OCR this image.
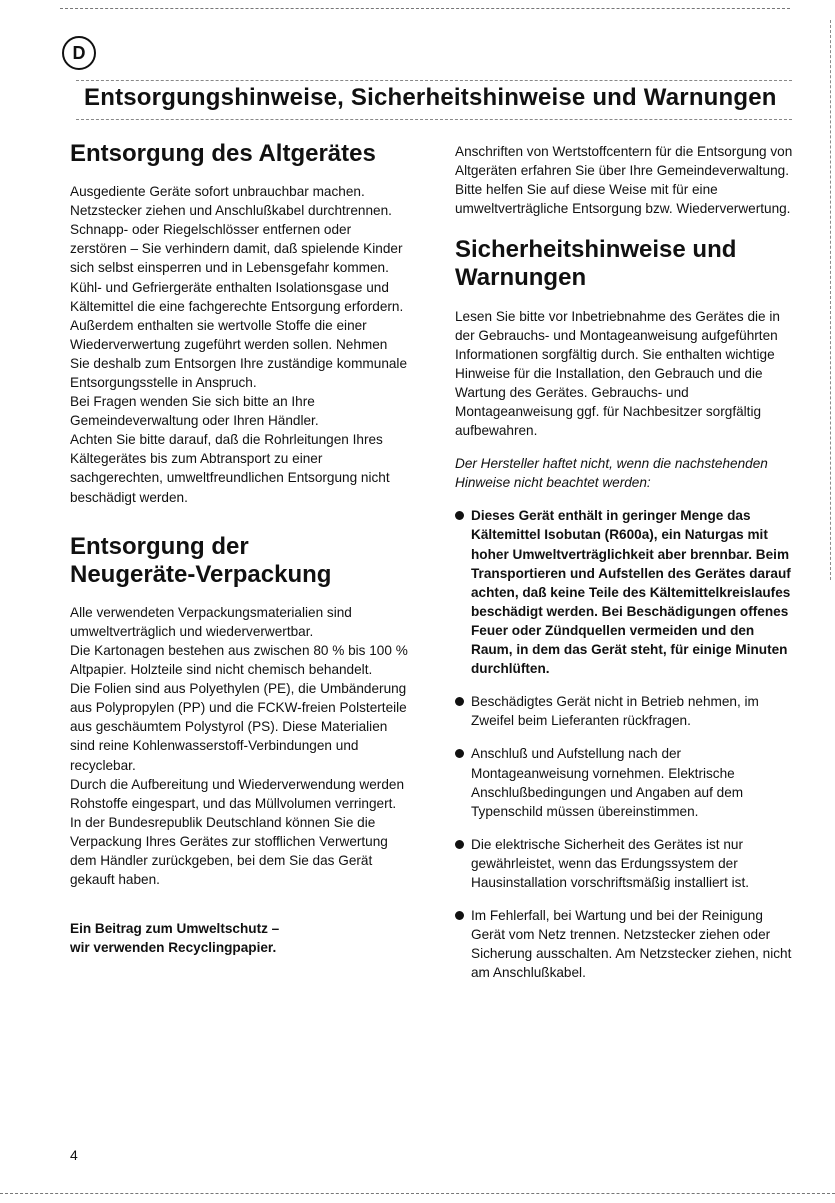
D
Entsorgungshinweise, Sicherheitshinweise und Warnungen
Entsorgung des Altgerätes

Ausgediente Geräte sofort unbrauchbar machen. Netzstecker ziehen und Anschlußkabel durchtrennen. Schnapp- oder Riegelschlösser entfernen oder zerstören – Sie verhindern damit, daß spielende Kinder sich selbst einsperren und in Lebensgefahr kommen. Kühl- und Gefriergeräte enthalten Isolationsgase und Kältemittel die eine fachgerechte Entsorgung erfordern. Außerdem enthalten sie wertvolle Stoffe die einer Wiederverwertung zugeführt werden sollen. Nehmen Sie deshalb zum Entsorgen Ihre zuständige kommunale Entsorgungsstelle in Anspruch.

Bei Fragen wenden Sie sich bitte an Ihre Gemeindeverwaltung oder Ihren Händler.

Achten Sie bitte darauf, daß die Rohrleitungen Ihres Kältegerätes bis zum Abtransport zu einer sachgerechten, umweltfreundlichen Entsorgung nicht beschädigt werden.

Entsorgung der
Neugeräte-Verpackung

Alle verwendeten Verpackungsmaterialien sind umweltverträglich und wiederverwertbar.

Die Kartonagen bestehen aus zwischen 80 % bis 100 % Altpapier. Holzteile sind nicht chemisch behandelt.

Die Folien sind aus Polyethylen (PE), die Umbänderung aus Polypropylen (PP) und die FCKW-freien Polsterteile aus geschäumtem Polystyrol (PS). Diese Materialien sind reine Kohlenwasserstoff-Verbindungen und recyclebar.

Durch die Aufbereitung und Wiederverwendung werden Rohstoffe eingespart, und das Müllvolumen verringert.

In der Bundesrepublik Deutschland können Sie die Verpackung Ihres Gerätes zur stofflichen Verwertung dem Händler zurückgeben, bei dem Sie das Gerät gekauft haben.

Ein Beitrag zum Umweltschutz –
wir verwenden Recyclingpapier.

Anschriften von Wertstoffcentern für die Entsorgung von Altgeräten erfahren Sie über Ihre Gemeindeverwaltung. Bitte helfen Sie auf diese Weise mit für eine umweltverträgliche Entsorgung bzw. Wiederverwertung.

Sicherheitshinweise und
Warnungen

Lesen Sie bitte vor Inbetriebnahme des Gerätes die in der Gebrauchs- und Montageanweisung aufgeführten Informationen sorgfältig durch. Sie enthalten wichtige Hinweise für die Installation, den Gebrauch und die Wartung des Gerätes. Gebrauchs- und Montageanweisung ggf. für Nachbesitzer sorgfältig aufbewahren.

Der Hersteller haftet nicht, wenn die nachstehenden Hinweise nicht beachtet werden:

Dieses Gerät enthält in geringer Menge das Kältemittel Isobutan (R600a), ein Naturgas mit hoher Umweltverträglichkeit aber brennbar. Beim Transportieren und Aufstellen des Gerätes darauf achten, daß keine Teile des Kältemittelkreislaufes beschädigt werden. Bei Beschädigungen offenes Feuer oder Zündquellen vermeiden und den Raum, in dem das Gerät steht, für einige Minuten durchlüften.
Beschädigtes Gerät nicht in Betrieb nehmen, im Zweifel beim Lieferanten rückfragen.
Anschluß und Aufstellung nach der Montageanweisung vornehmen. Elektrische Anschlußbedingungen und Angaben auf dem Typenschild müssen übereinstimmen.
Die elektrische Sicherheit des Gerätes ist nur gewährleistet, wenn das Erdungssystem der Hausinstallation vorschriftsmäßig installiert ist.
Im Fehlerfall, bei Wartung und bei der Reinigung Gerät vom Netz trennen. Netzstecker ziehen oder Sicherung ausschalten. Am Netzstecker ziehen, nicht am Anschlußkabel.
4
